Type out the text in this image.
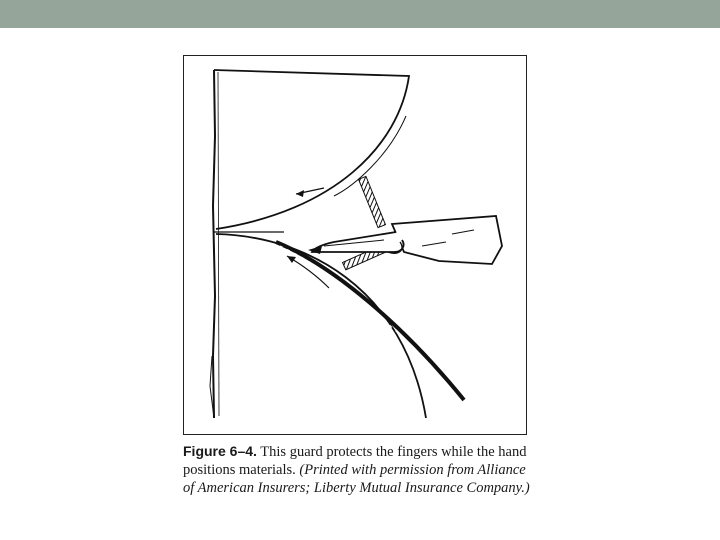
Figure 6–4. This guard protects the fingers while the hand positions materials. (Printed with permission from Alliance of American Insurers; Liberty Mutual Insurance Company.)
